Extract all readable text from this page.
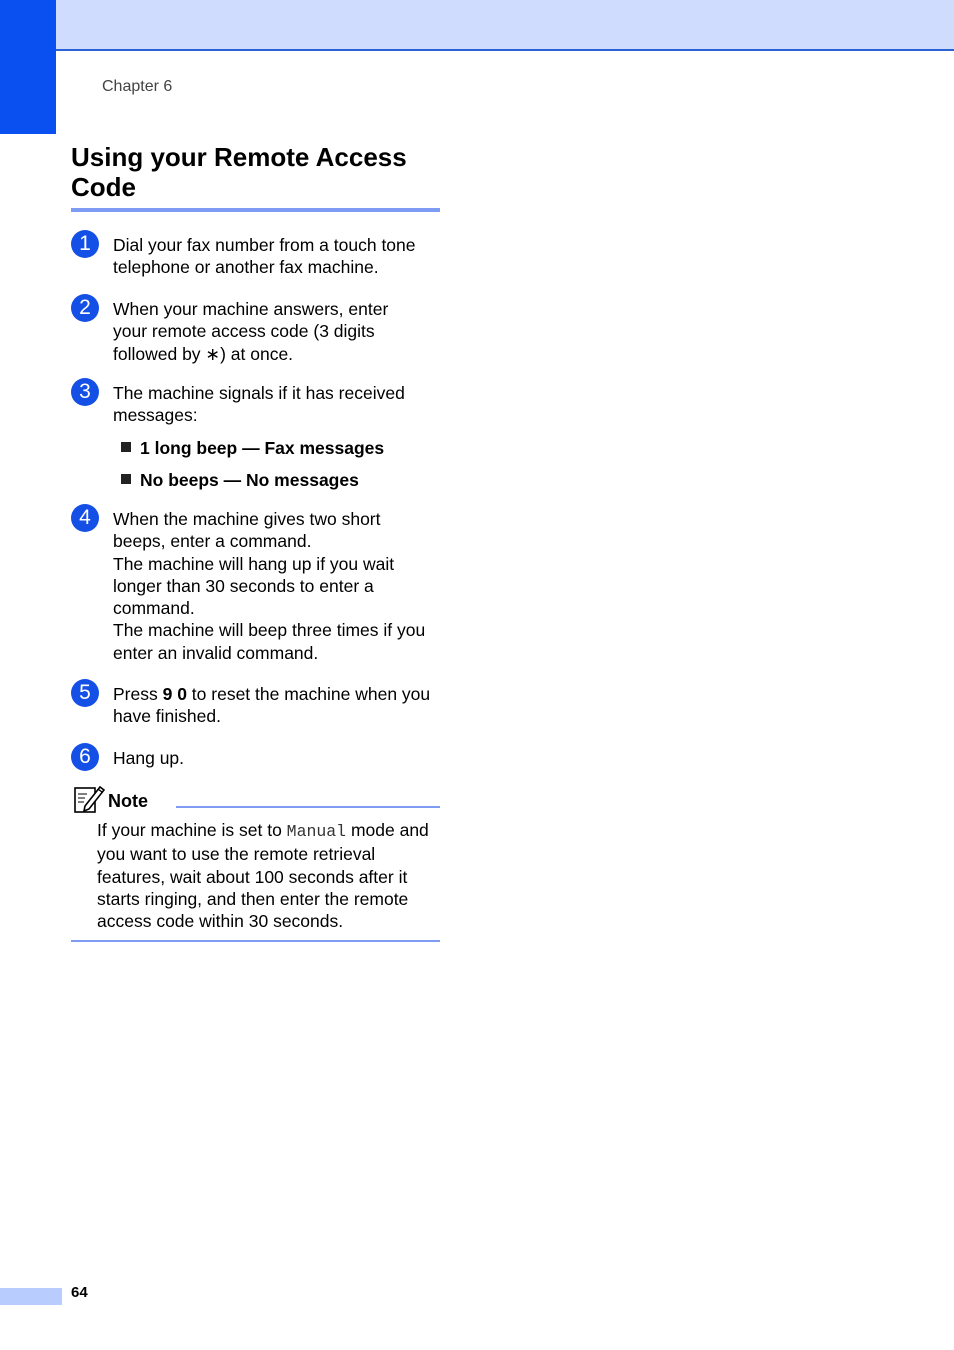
Chapter 6
Using your Remote Access Code
1	Dial your fax number from a touch tone
telephone or another fax machine.
2	When your machine answers, enter
your remote access code (3 digits
followed by ∗) at once.
3	The machine signals if it has received
messages:
1 long beep — Fax messages
No beeps — No messages
4	When the machine gives two short
beeps, enter a command.
The machine will hang up if you wait
longer than 30 seconds to enter a
command.
The machine will beep three times if you
enter an invalid command.
5	Press 9 0 to reset the machine when you
have finished.
6	Hang up.
Note
If your machine is set to Manual mode and you want to use the remote retrieval features, wait about 100 seconds after it starts ringing, and then enter the remote access code within 30 seconds.
64
